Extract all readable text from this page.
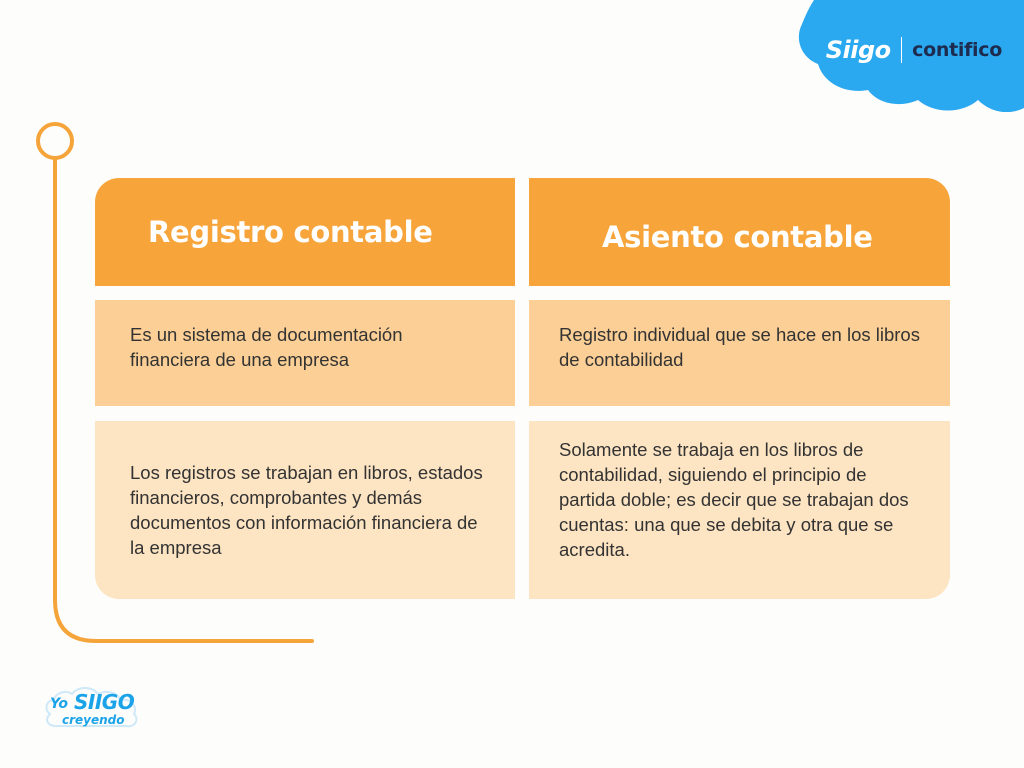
Siigo contifico
Registro contable	Asiento contable
Es un sistema de documentación financiera de una empresa
Registro individual que se hace en los libros de contabilidad
Los registros se trabajan en libros, estados financieros, comprobantes y demás documentos con información financiera de la empresa
Solamente se trabaja en los libros de contabilidad, siguiendo el principio de partida doble; es decir que se trabajan dos cuentas: una que se debita y otra que se acredita.
Yo SIIGO
creyendo
